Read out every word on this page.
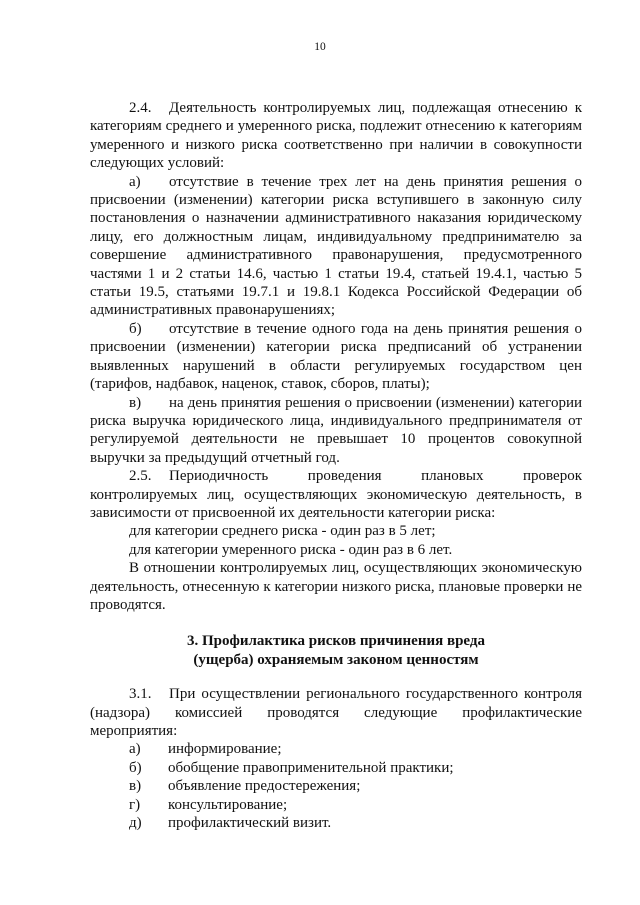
10

2.4. Деятельность контролируемых лиц, подлежащая отнесению к категориям среднего и умеренного риска, подлежит отнесению к категориям умеренного и низкого риска соответственно при наличии в совокупности следующих условий:

а) отсутствие в течение трех лет на день принятия решения о присвоении (изменении) категории риска вступившего в законную силу постановления о назначении административного наказания юридическому лицу, его должностным лицам, индивидуальному предпринимателю за совершение административного правонарушения, предусмотренного частями 1 и 2 статьи 14.6, частью 1 статьи 19.4, статьей 19.4.1, частью 5 статьи 19.5, статьями 19.7.1 и 19.8.1 Кодекса Российской Федерации об административных правонарушениях;

б) отсутствие в течение одного года на день принятия решения о присвоении (изменении) категории риска предписаний об устранении выявленных нарушений в области регулируемых государством цен (тарифов, надбавок, наценок, ставок, сборов, платы);

в) на день принятия решения о присвоении (изменении) категории риска выручка юридического лица, индивидуального предпринимателя от регулируемой деятельности не превышает 10 процентов совокупной выручки за предыдущий отчетный год.

2.5. Периодичность проведения плановых проверок контролируемых лиц, осуществляющих экономическую деятельность, в зависимости от присвоенной их деятельности категории риска:

для категории среднего риска - один раз в 5 лет;

для категории умеренного риска - один раз в 6 лет.

В отношении контролируемых лиц, осуществляющих экономическую деятельность, отнесенную к категории низкого риска, плановые проверки не проводятся.

3. Профилактика рисков причинения вреда

(ущерба) охраняемым законом ценностям

3.1. При осуществлении регионального государственного контроля (надзора) комиссией проводятся следующие профилактические мероприятия:

а)	информирование;
б)	обобщение правоприменительной практики;
в)	объявление предостережения;
г)	консультирование;
д)	профилактический визит.
